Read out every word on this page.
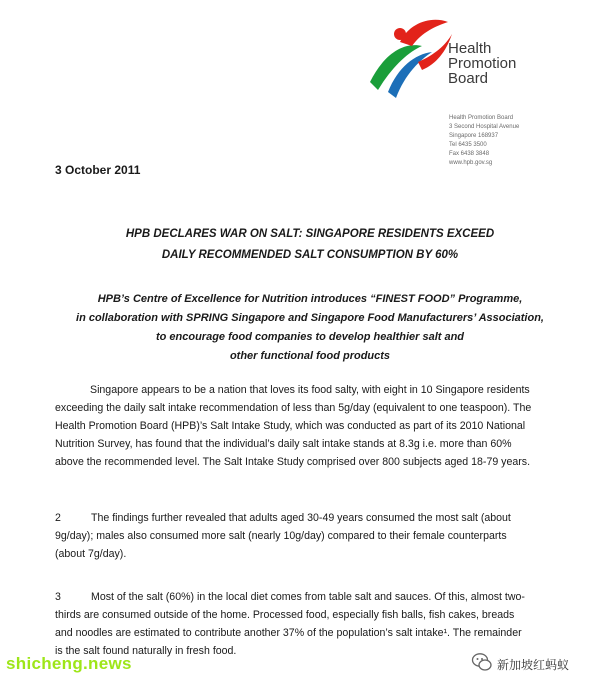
Health
Promotion
Board
Health Promotion Board
3 Second Hospital Avenue
Singapore 168937
Tel 6435 3500
Fax 6438 3848
www.hpb.gov.sg
3 October 2011
HPB DECLARES WAR ON SALT: SINGAPORE RESIDENTS EXCEED
DAILY RECOMMENDED SALT CONSUMPTION BY 60%
HPB’s Centre of Excellence for Nutrition introduces “FINEST FOOD” Programme,
in collaboration with SPRING Singapore and Singapore Food Manufacturers’ Association,
to encourage food companies to develop healthier salt and
other functional food products
Singapore appears to be a nation that loves its food salty, with eight in 10 Singapore residents
exceeding the daily salt intake recommendation of less than 5g/day (equivalent to one teaspoon). The
Health Promotion Board (HPB)’s Salt Intake Study, which was conducted as part of its 2010 National
Nutrition Survey, has found that the individual’s daily salt intake stands at 8.3g i.e. more than 60%
above the recommended level. The Salt Intake Study comprised over 800 subjects aged 18-79 years.
2	The findings further revealed that adults aged 30-49 years consumed the most salt (about
9g/day); males also consumed more salt (nearly 10g/day) compared to their female counterparts
(about 7g/day).
3	Most of the salt (60%) in the local diet comes from table salt and sauces. Of this, almost two-
thirds are consumed outside of the home. Processed food, especially fish balls, fish cakes, breads
and noodles are estimated to contribute another 37% of the population’s salt intake¹. The remainder
is the salt found naturally in fresh food.
shicheng.news	新加坡红蚂蚁
